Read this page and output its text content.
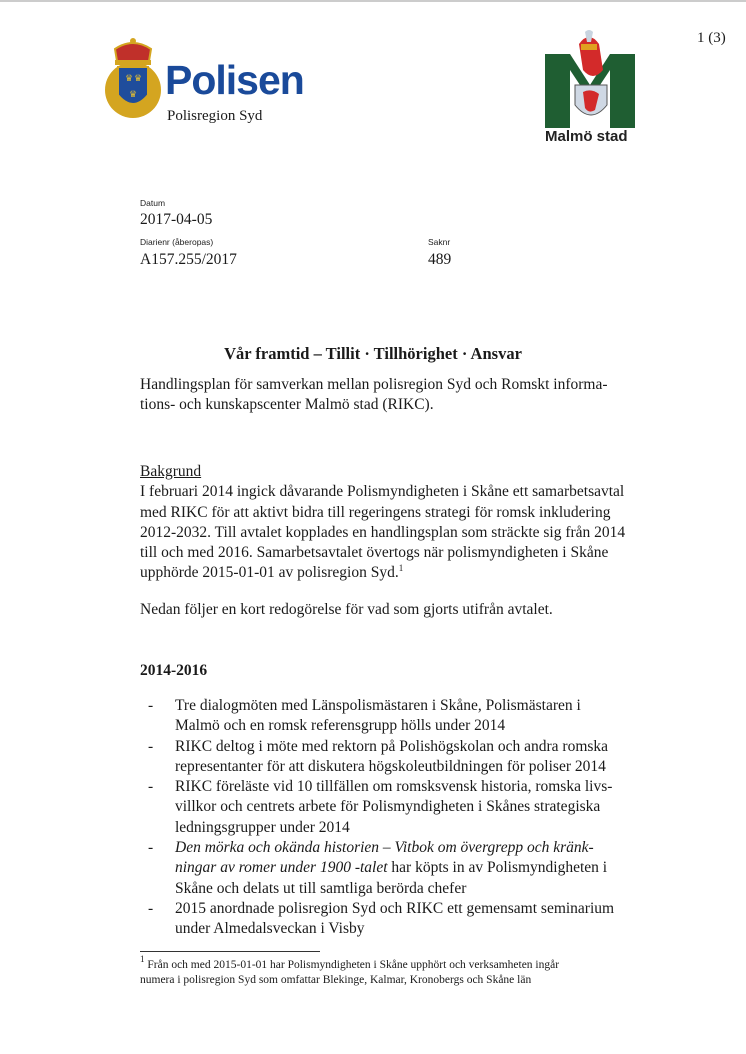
1 (3)
♛ ♛
♛ Polisen
Polisregion Syd
Malmö stad
Datum
2017-04-05
Diarienr (åberopas)
A157.255/2017
Saknr
489
Vår framtid – Tillit · Tillhörighet · Ansvar
Handlingsplan för samverkan mellan polisregion Syd och Romskt informa-
tions- och kunskapscenter Malmö stad (RIKC).
Bakgrund
I februari 2014 ingick dåvarande Polismyndigheten i Skåne ett samarbetsavtal
med RIKC för att aktivt bidra till regeringens strategi för romsk inkludering
2012-2032. Till avtalet kopplades en handlingsplan som sträckte sig från 2014
till och med 2016. Samarbetsavtalet övertogs när polismyndigheten i Skåne
upphörde 2015-01-01 av polisregion Syd.$^1$
Nedan följer en kort redogörelse för vad som gjorts utifrån avtalet.
2014-2016
- Tre dialogmöten med Länspolismästaren i Skåne, Polismästaren i
Malmö och en romsk referensgrupp hölls under 2014
- RIKC deltog i möte med rektorn på Polishögskolan och andra romska
representanter för att diskutera högskoleutbildningen för poliser 2014
- RIKC föreläste vid 10 tillfällen om romsksvensk historia, romska livs-
villkor och centrets arbete för Polismyndigheten i Skånes strategiska
ledningsgrupper under 2014
- Den mörka och okända historien – Vitbok om övergrepp och kränk-
ningar av romer under 1900 -talet har köpts in av Polismyndigheten i
Skåne och delats ut till samtliga berörda chefer
- 2015 anordnade polisregion Syd och RIKC ett gemensamt seminarium
under Almedalsveckan i Visby
$^1$ Från och med 2015-01-01 har Polismyndigheten i Skåne upphört och verksamheten ingår
numera i polisregion Syd som omfattar Blekinge, Kalmar, Kronobergs och Skåne län
